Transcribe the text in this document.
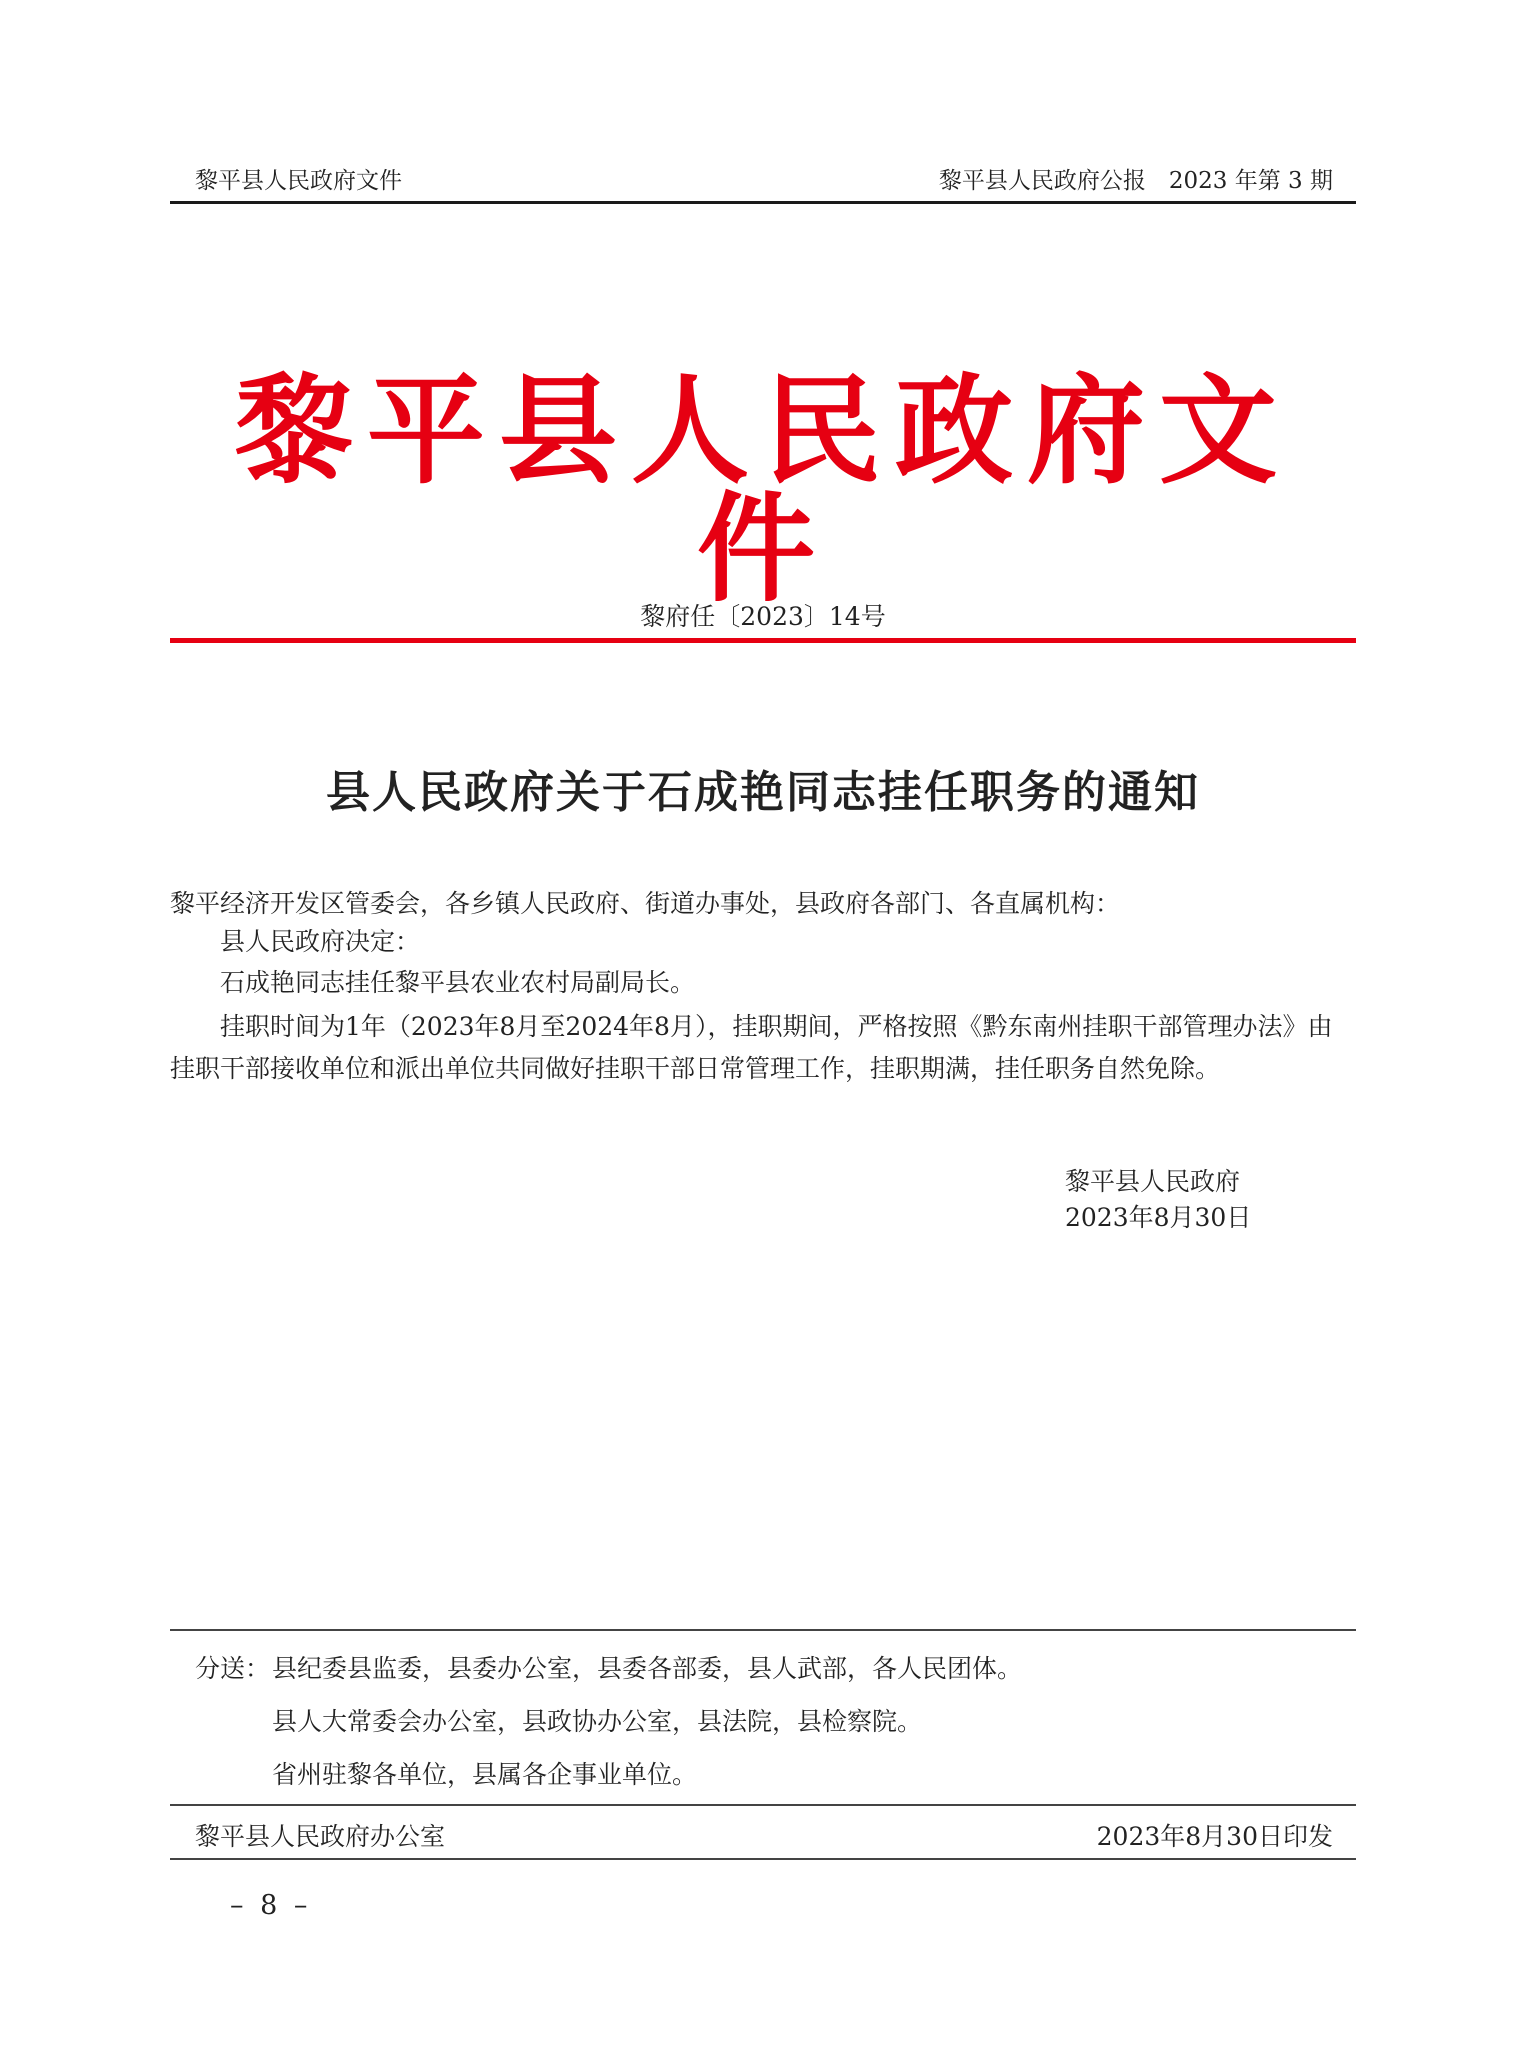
黎平县人民政府文件	黎平县人民政府公报　2023 年第 3 期
黎平县人民政府文件
黎府任〔2023〕14号
县人民政府关于石成艳同志挂任职务的通知
黎平经济开发区管委会，各乡镇人民政府、街道办事处，县政府各部门、各直属机构：
县人民政府决定：
石成艳同志挂任黎平县农业农村局副局长。
挂职时间为1年（2023年8月至2024年8月），挂职期间，严格按照《黔东南州挂职干部管理办法》由挂职干部接收单位和派出单位共同做好挂职干部日常管理工作，挂职期满，挂任职务自然免除。
黎平县人民政府
2023年8月30日
分送： 县纪委县监委，县委办公室，县委各部委，县人武部，各人民团体。
县人大常委会办公室，县政协办公室，县法院，县检察院。
省州驻黎各单位，县属各企事业单位。
黎平县人民政府办公室	2023年8月30日印发
– 8 –
